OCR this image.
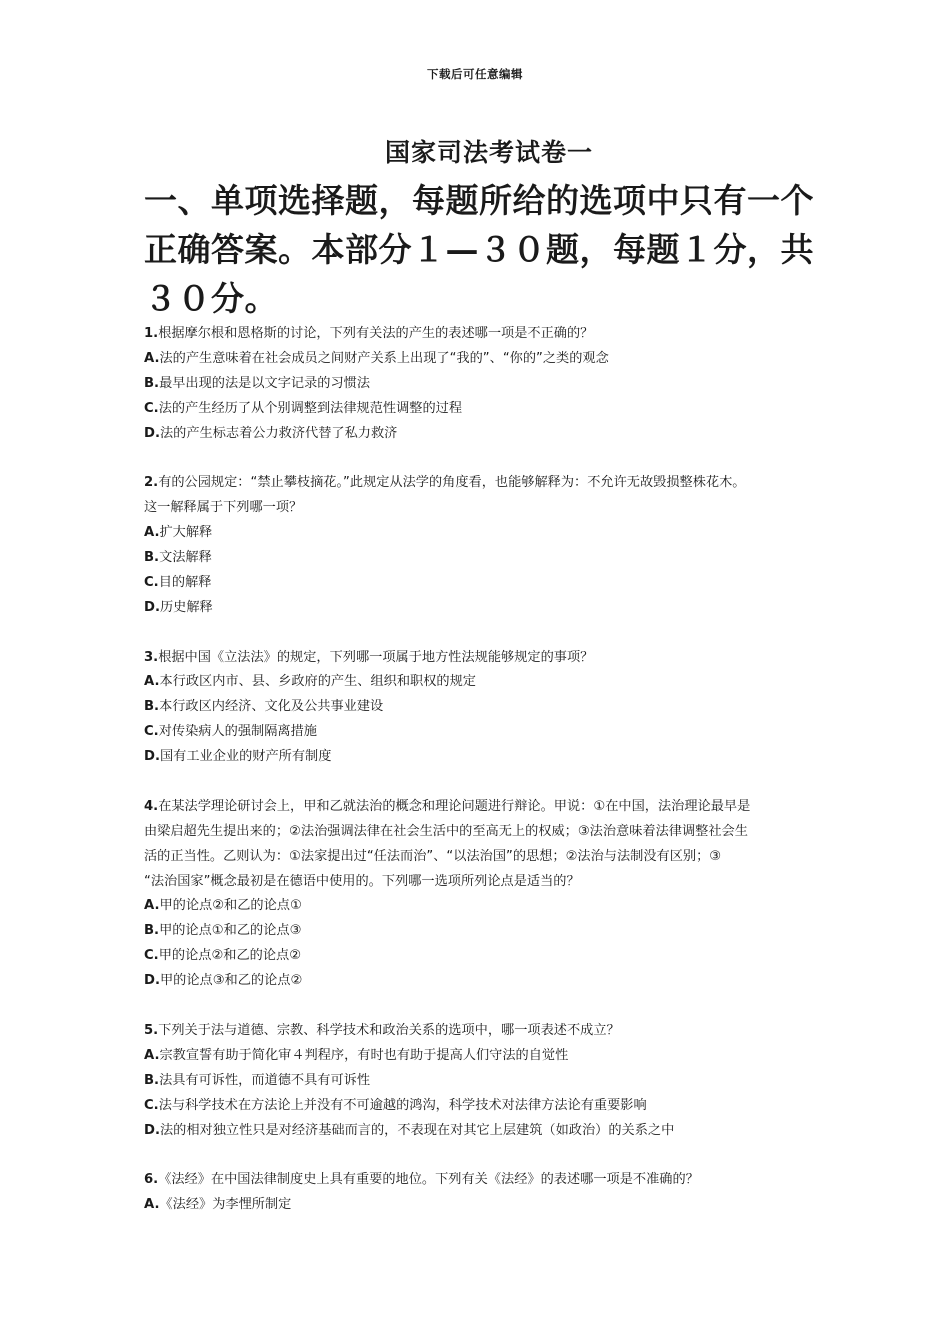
下载后可任意编辑
国家司法考试卷一
一、单项选择题，每题所给的选项中只有一个
正确答案。本部分１—３０题，每题１分，共
３０分。
1.根据摩尔根和恩格斯的讨论，下列有关法的产生的表述哪一项是不正确的？
A.法的产生意味着在社会成员之间财产关系上出现了“我的”、“你的”之类的观念
B.最早出现的法是以文字记录的习惯法
C.法的产生经历了从个别调整到法律规范性调整的过程
D.法的产生标志着公力救济代替了私力救济
2.有的公园规定：“禁止攀枝摘花。”此规定从法学的角度看，也能够解释为：不允许无故毁损整株花木。
这一解释属于下列哪一项？
A.扩大解释
B.文法解释
C.目的解释
D.历史解释
3.根据中国《立法法》的规定，下列哪一项属于地方性法规能够规定的事项？
A.本行政区内市、县、乡政府的产生、组织和职权的规定
B.本行政区内经济、文化及公共事业建设
C.对传染病人的强制隔离措施
D.国有工业企业的财产所有制度
4.在某法学理论研讨会上，甲和乙就法治的概念和理论问题进行辩论。甲说：①在中国，法治理论最早是
由梁启超先生提出来的；②法治强调法律在社会生活中的至高无上的权威；③法治意味着法律调整社会生
活的正当性。乙则认为：①法家提出过“任法而治”、“以法治国”的思想；②法治与法制没有区别；③
“法治国家”概念最初是在德语中使用的。下列哪一选项所列论点是适当的？
A.甲的论点②和乙的论点①
B.甲的论点①和乙的论点③
C.甲的论点②和乙的论点②
D.甲的论点③和乙的论点②
5.下列关于法与道德、宗教、科学技术和政治关系的选项中，哪一项表述不成立？
A.宗教宣誓有助于简化审４判程序，有时也有助于提高人们守法的自觉性
B.法具有可诉性，而道德不具有可诉性
C.法与科学技术在方法论上并没有不可逾越的鸿沟，科学技术对法律方法论有重要影响
D.法的相对独立性只是对经济基础而言的，不表现在对其它上层建筑（如政治）的关系之中
6.《法经》在中国法律制度史上具有重要的地位。下列有关《法经》的表述哪一项是不准确的？
A.《法经》为李悝所制定
